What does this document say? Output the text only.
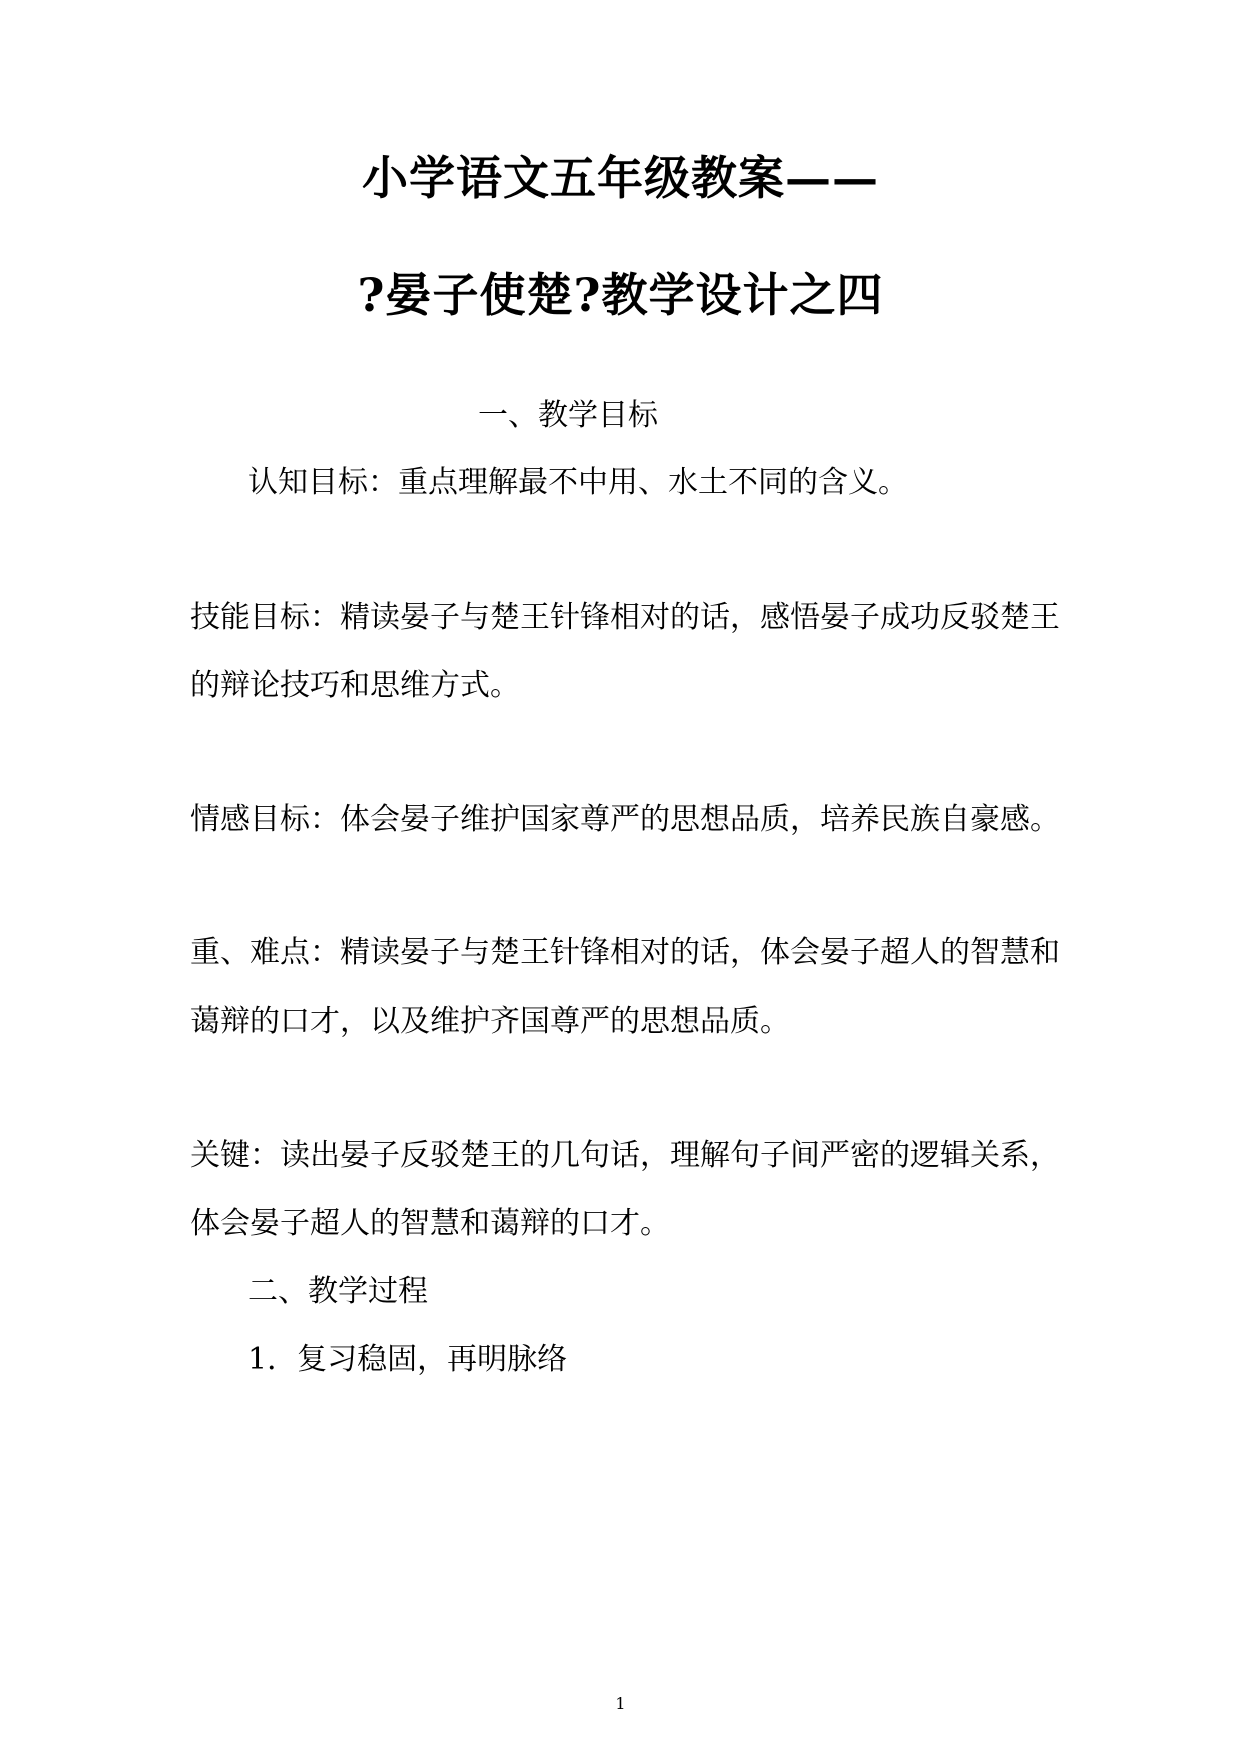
小学语文五年级教案——
?晏子使楚?教学设计之四
一、教学目标
认知目标：重点理解最不中用、水土不同的含义。
技能目标：精读晏子与楚王针锋相对的话，感悟晏子成功反驳楚王
的辩论技巧和思维方式。
情感目标：体会晏子维护国家尊严的思想品质，培养民族自豪感。
重、难点：精读晏子与楚王针锋相对的话，体会晏子超人的智慧和
蔼辩的口才，以及维护齐国尊严的思想品质。
关键：读出晏子反驳楚王的几句话，理解句子间严密的逻辑关系，
体会晏子超人的智慧和蔼辩的口才。
二、教学过程
1．复习稳固，再明脉络
1
